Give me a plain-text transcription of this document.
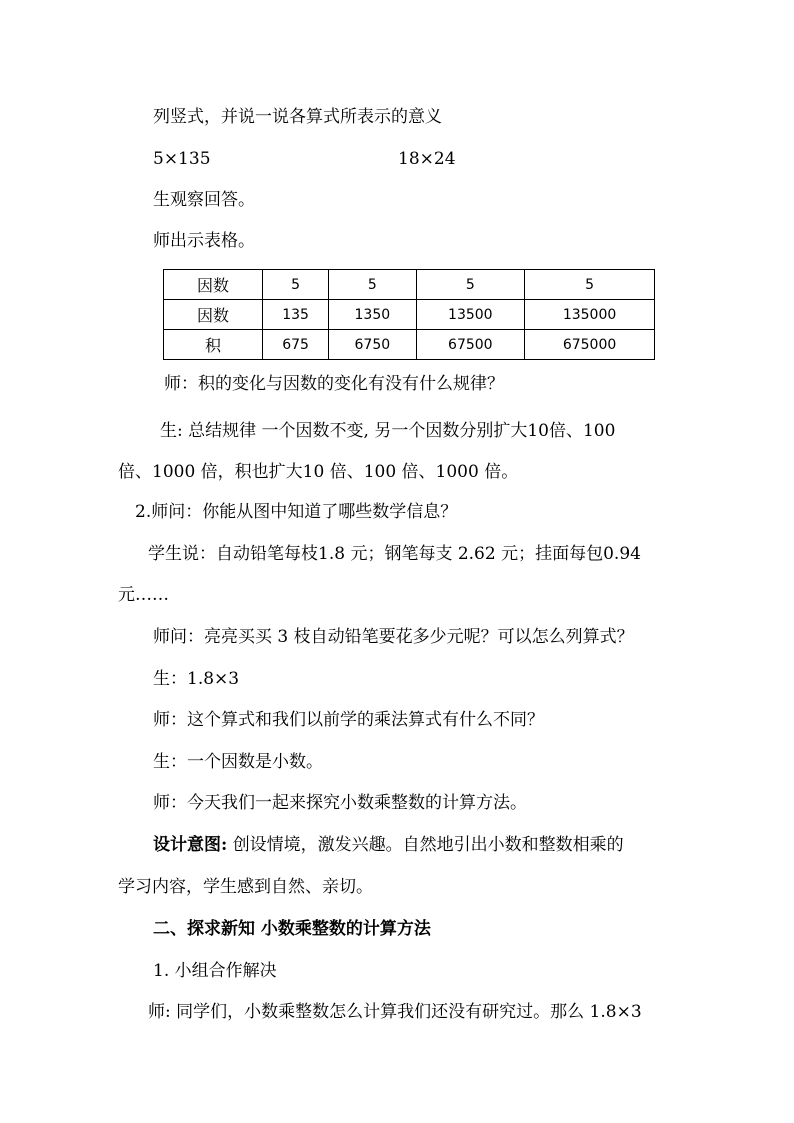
列竖式，并说一说各算式所表示的意义
5×135	18×24
生观察回答。
师出示表格。
因数	5	5	5	5
因数	135	1350	13500	135000
积	675	6750	67500	675000
师：积的变化与因数的变化有没有什么规律？
生: 总结规律 一个因数不变, 另一个因数分别扩大10倍、100
倍、1000 倍，积也扩大10 倍、100 倍、1000 倍。
2.师问：你能从图中知道了哪些数学信息？
学生说：自动铅笔每枝1.8 元；钢笔每支 2.62 元；挂面每包0.94
元……
师问：亮亮买买 3 枝自动铅笔要花多少元呢？可以怎么列算式？
生：1.8×3
师：这个算式和我们以前学的乘法算式有什么不同？
生：一个因数是小数。
师：今天我们一起来探究小数乘整数的计算方法。
设计意图: 创设情境，激发兴趣。自然地引出小数和整数相乘的
学习内容，学生感到自然、亲切。
二、探求新知 小数乘整数的计算方法
1. 小组合作解决
师: 同学们，小数乘整数怎么计算我们还没有研究过。那么 1.8×3
